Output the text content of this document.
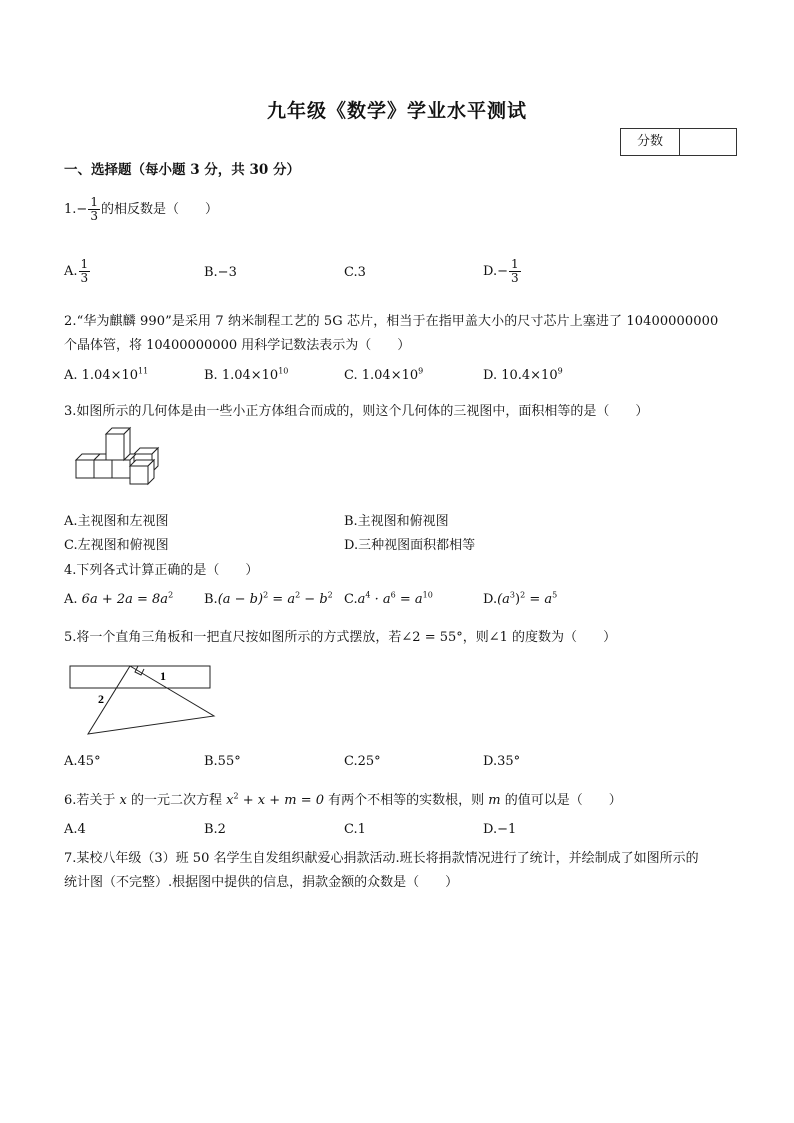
九年级《数学》学业水平测试
分数
一、选择题（每小题 3 分，共 30 分）
$1.- \frac{1}{3}$ 的相反数是（　　）
A. $\frac{1}{3}$	B.−3	C.3	$D.- \frac{1}{3}$
2.“华为麒麟 990”是采用 7 纳米制程工艺的 5G 芯片，相当于在指甲盖大小的尺寸芯片上塞进了 10400000000
个晶体管，将 10400000000 用科学记数法表示为（　　）
A. $1.04\times 10^{11}$	B. $1.04\times 10^{10}$	C. $1.04\times 10^9$	D. $10.4\times 10^9$
3.如图所示的几何体是由一些小正方体组合而成的，则这个几何体的三视图中，面积相等的是（　　）
A.主视图和左视图	B.主视图和俯视图
C.左视图和俯视图	D.三种视图面积都相等
4.下列各式计算正确的是（　　）
A. $6a + 2a = 8a^2$ $B.(a - b)^2 = a^2 - b^2$ $C.a^4 \cdot a^6 = a^{10}$	$D.(a^3)^2 = a^5$
5.将一个直角三角板和一把直尺按如图所示的方式摆放，若∠2 = 55°，则∠1 的度数为（　　）
1
2
A.45°	B.55°	C.25°	D.35°
6.若关于 x 的一元二次方程 $x^2 + x + m = 0$ 有两个不相等的实数根，则 m 的值可以是（　　）
A.4	B.2	C.1	D.−1
7.某校八年级（3）班 50 名学生自发组织献爱心捐款活动.班长将捐款情况进行了统计，并绘制成了如图所示的
统计图（不完整）.根据图中提供的信息，捐款金额的众数是（　　）
